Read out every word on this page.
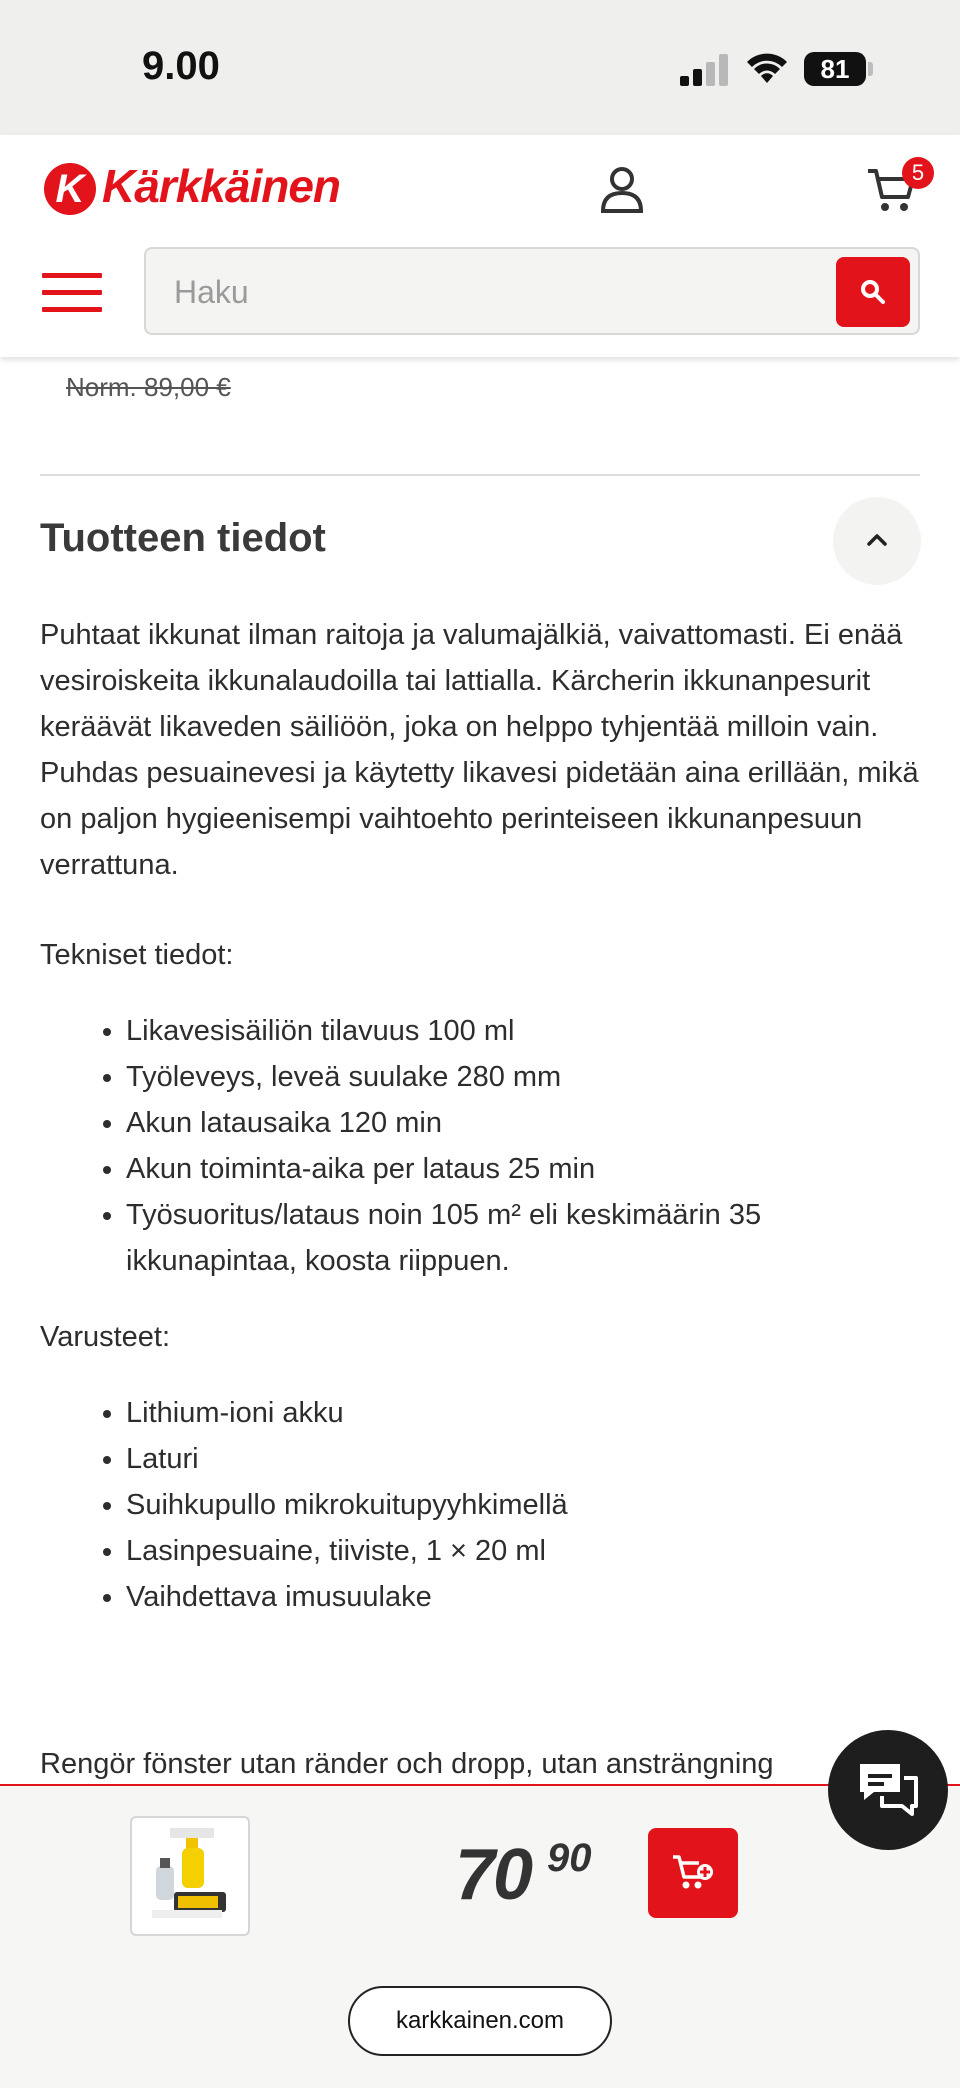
9.00	81
K Kärkkäinen	5
Haku
Norm. 89,00 €
Tuotteen tiedot

Puhtaat ikkunat ilman raitoja ja valumajälkiä, vaivattomasti. Ei enää vesiroiskeita ikkunalaudoilla tai lattialla. Kärcherin ikkunanpesurit keräävät likaveden säiliöön, joka on helppo tyhjentää milloin vain. Puhdas pesuainevesi ja käytetty likavesi pidetään aina erillään, mikä on paljon hygieenisempi vaihtoehto perinteiseen ikkunanpesuun verrattuna.

Tekniset tiedot:

• Likavesisäiliön tilavuus 100 ml
• Työleveys, leveä suulake 280 mm
• Akun latausaika 120 min
• Akun toiminta-aika per lataus 25 min
• Työsuoritus/lataus noin 105 m² eli keskimäärin 35 ikkunapintaa, koosta riippuen.

Varusteet:

• Lithium-ioni akku
• Laturi
• Suihkupullo mikrokuitupyyhkimellä
• Lasinpesuaine, tiiviste, 1 × 20 ml
• Vaihdettava imusuulake
Rengör fönster utan ränder och dropp, utan ansträngning
70 90
karkkainen.com
